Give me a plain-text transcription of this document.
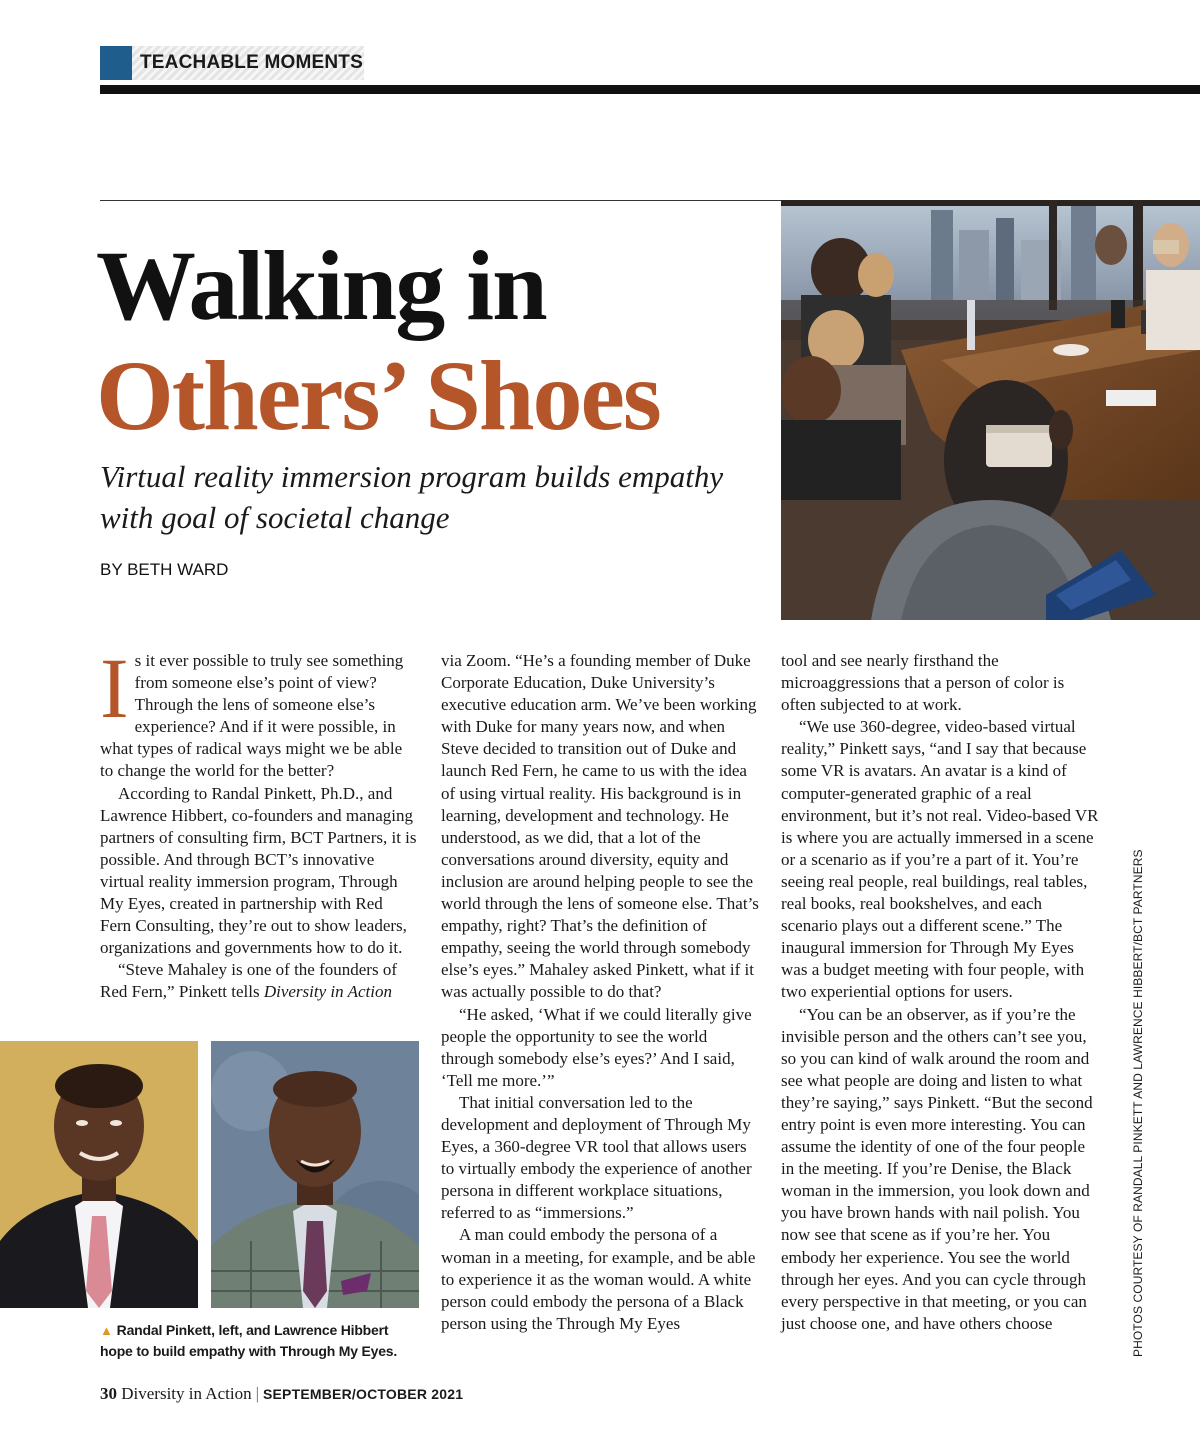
TEACHABLE MOMENTS
Walking in
Others’ Shoes
Virtual reality immersion program builds empathy with goal of societal change
BY BETH WARD

Is it ever possible to truly see something from someone else’s point of view? Through the lens of someone else’s experience? And if it were possible, in what types of radical ways might we be able to change the world for the better?

According to Randal Pinkett, Ph.D., and Lawrence Hibbert, co-founders and managing partners of consulting firm, BCT Partners, it is possible. And through BCT’s innovative virtual reality immersion program, Through My Eyes, created in partnership with Red Fern Consulting, they’re out to show leaders, organizations and governments how to do it.

“Steve Mahaley is one of the founders of Red Fern,” Pinkett tells Diversity in Action

▲ Randal Pinkett, left, and Lawrence Hibbert hope to build empathy with Through My Eyes.

via Zoom. “He’s a founding member of Duke Corporate Education, Duke University’s executive education arm. We’ve been working with Duke for many years now, and when Steve decided to transition out of Duke and launch Red Fern, he came to us with the idea of using virtual reality. His background is in learning, development and technology. He understood, as we did, that a lot of the conversations around diversity, equity and inclusion are around helping people to see the world through the lens of someone else. That’s empathy, right? That’s the definition of empathy, seeing the world through somebody else’s eyes.” Mahaley asked Pinkett, what if it was actually possible to do that?

“He asked, ‘What if we could literally give people the opportunity to see the world through somebody else’s eyes?’ And I said, ‘Tell me more.’”

That initial conversation led to the development and deployment of Through My Eyes, a 360-degree VR tool that allows users to virtually embody the experience of another persona in different workplace situations, referred to as “immersions.”

A man could embody the persona of a woman in a meeting, for example, and be able to experience it as the woman would. A white person could embody the persona of a Black person using the Through My Eyes

tool and see nearly firsthand the microaggressions that a person of color is often subjected to at work.

“We use 360-degree, video-based virtual reality,” Pinkett says, “and I say that because some VR is avatars. An avatar is a kind of computer-generated graphic of a real environment, but it’s not real. Video-based VR is where you are actually immersed in a scene or a scenario as if you’re a part of it. You’re seeing real people, real buildings, real tables, real books, real bookshelves, and each scenario plays out a different scene.” The inaugural immersion for Through My Eyes was a budget meeting with four people, with two experiential options for users.

“You can be an observer, as if you’re the invisible person and the others can’t see you, so you can kind of walk around the room and see what people are doing and listen to what they’re saying,” says Pinkett. “But the second entry point is even more interesting. You can assume the identity of one of the four people in the meeting. If you’re Denise, the Black woman in the immersion, you look down and you have brown hands with nail polish. You now see that scene as if you’re her. You embody her experience. You see the world through her eyes. And you can cycle through every perspective in that meeting, or you can just choose one, and have others choose	PHOTOS COURTESY OF RANDALL PINKETT AND LAWRENCE HIBBERT/BCT PARTNERS
30 Diversity in Action | SEPTEMBER/OCTOBER 2021
